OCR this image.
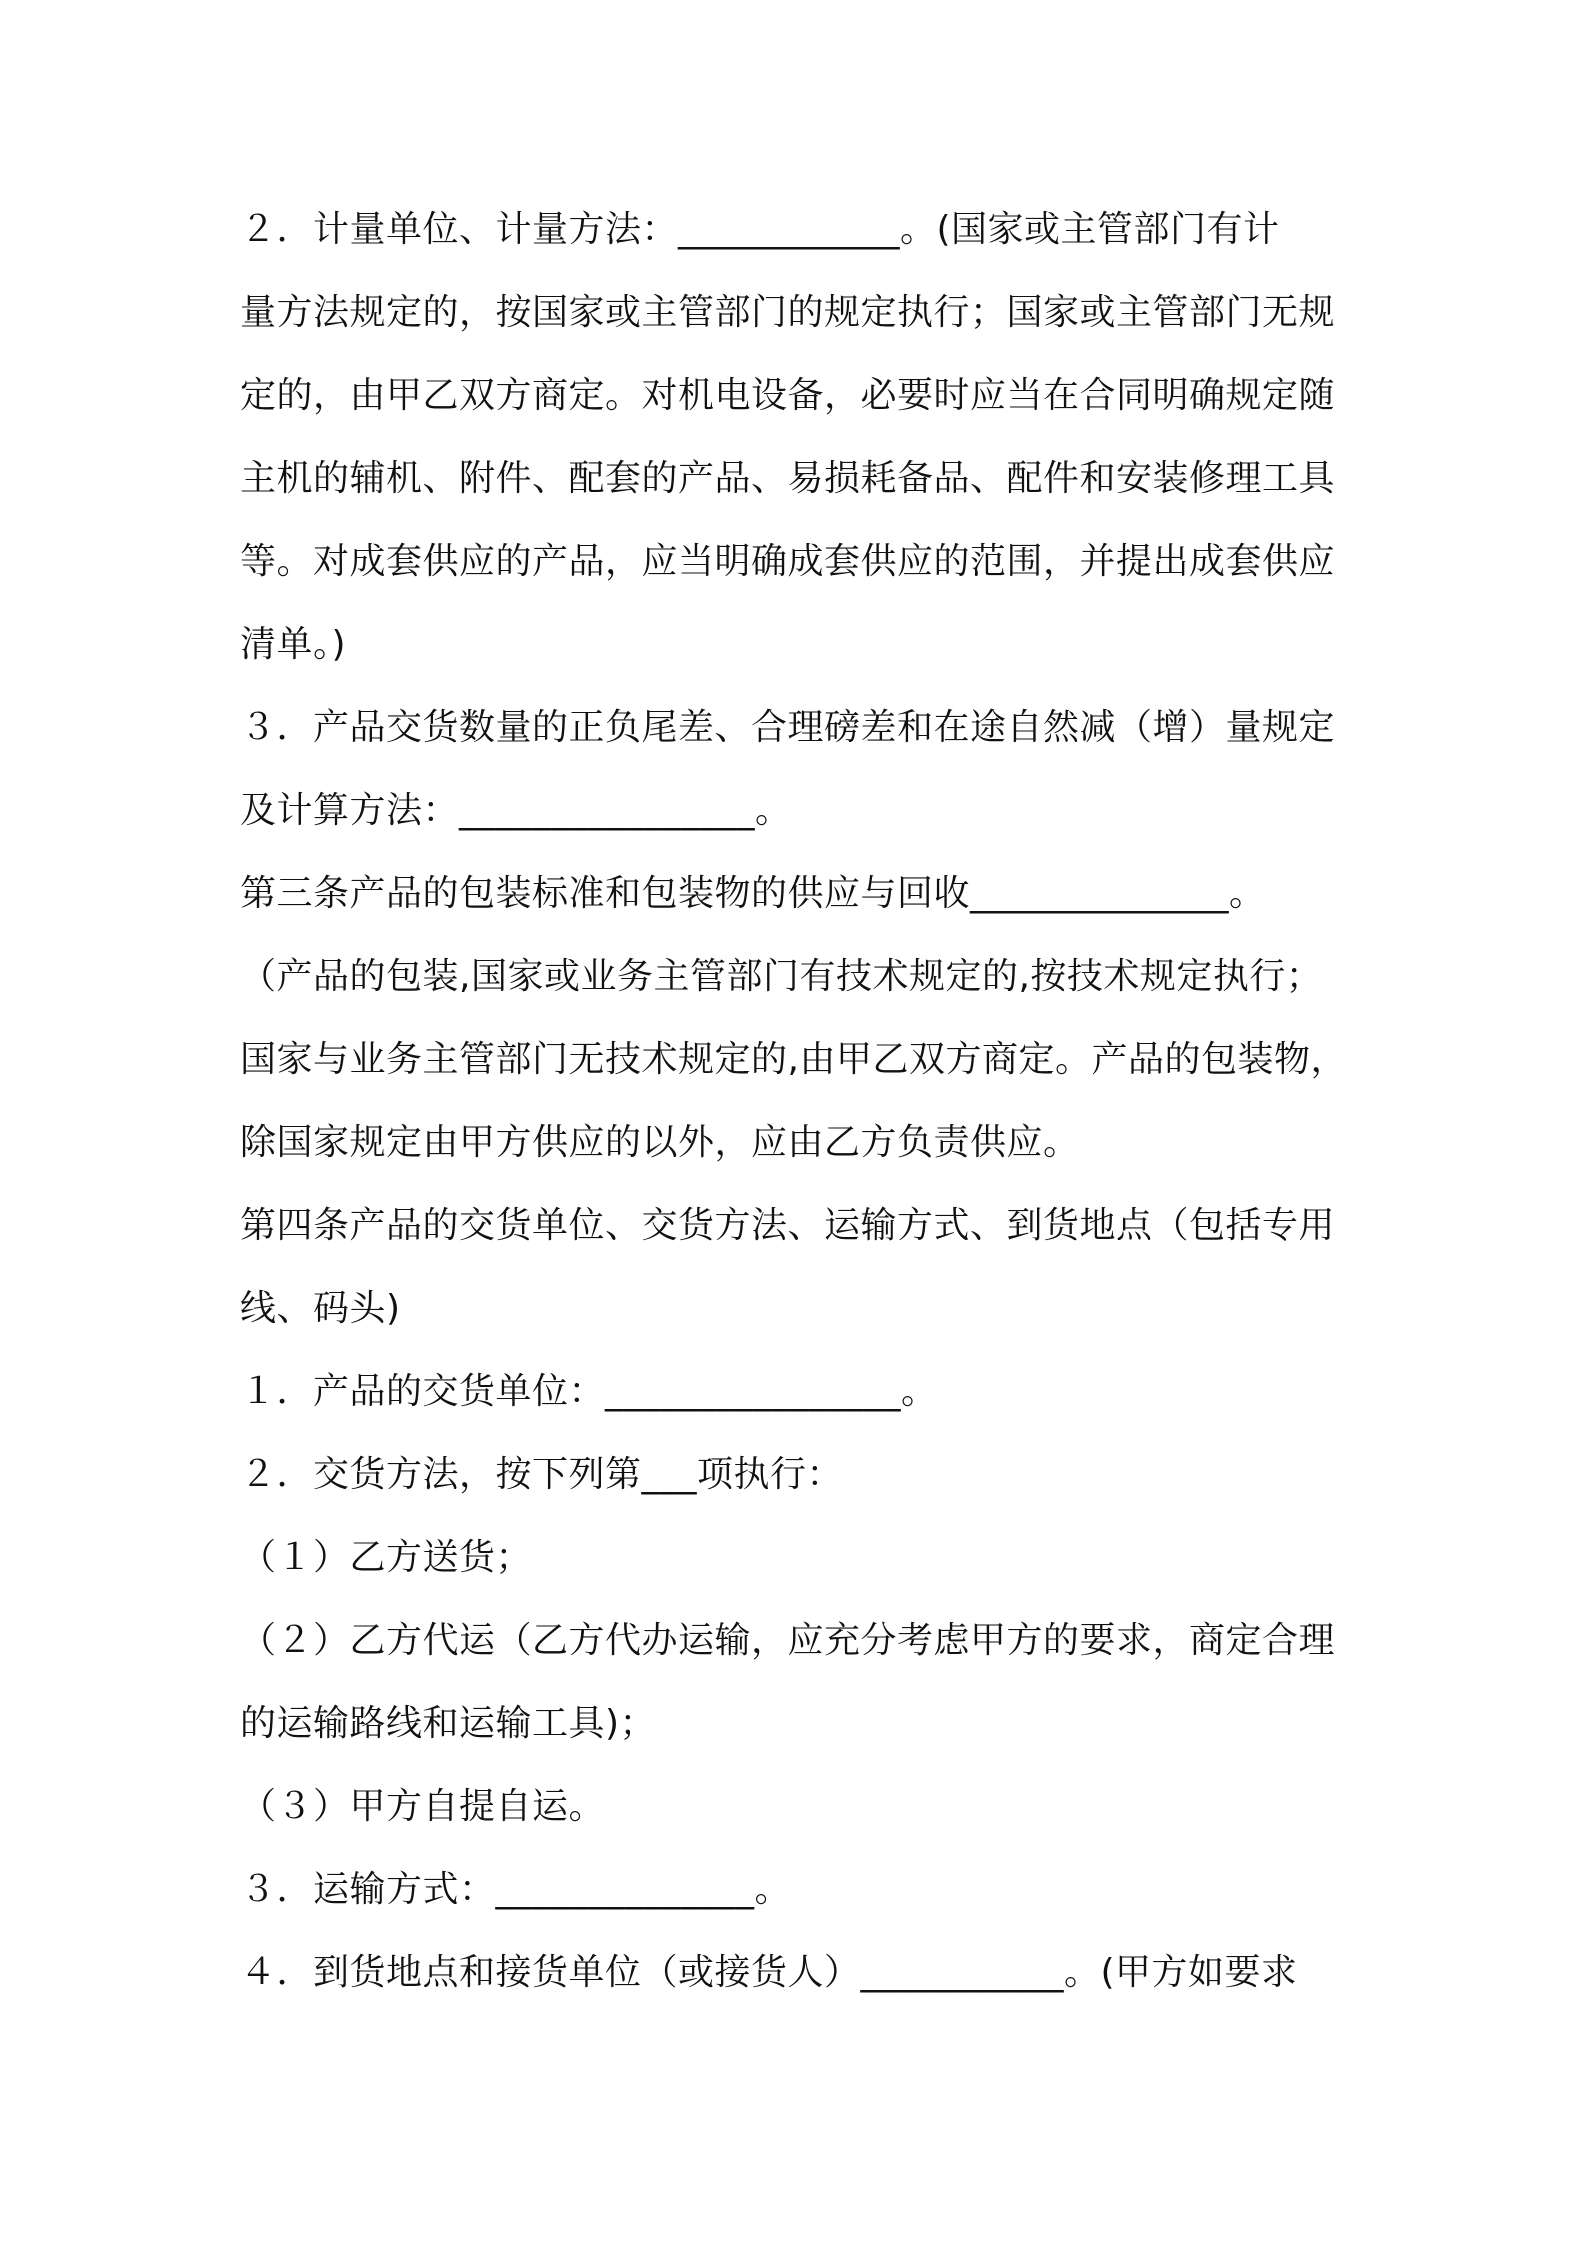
２．计量单位、计量方法：____________。(国家或主管部门有计
量方法规定的，按国家或主管部门的规定执行；国家或主管部门无规
定的，由甲乙双方商定。对机电设备，必要时应当在合同明确规定随
主机的辅机、附件、配套的产品、易损耗备品、配件和安装修理工具
等。对成套供应的产品，应当明确成套供应的范围，并提出成套供应
清单。)
３．产品交货数量的正负尾差、合理磅差和在途自然减（增）量规定
及计算方法：________________。
第三条产品的包装标准和包装物的供应与回收______________。
（产品的包装,国家或业务主管部门有技术规定的,按技术规定执行；
国家与业务主管部门无技术规定的,由甲乙双方商定。产品的包装物，
除国家规定由甲方供应的以外，应由乙方负责供应。
第四条产品的交货单位、交货方法、运输方式、到货地点（包括专用
线、码头)
１．产品的交货单位：________________。
２．交货方法，按下列第___项执行：
（１）乙方送货；
（２）乙方代运（乙方代办运输，应充分考虑甲方的要求，商定合理
的运输路线和运输工具)；
（３）甲方自提自运。
３．运输方式：______________。
４．到货地点和接货单位（或接货人）___________。(甲方如要求
